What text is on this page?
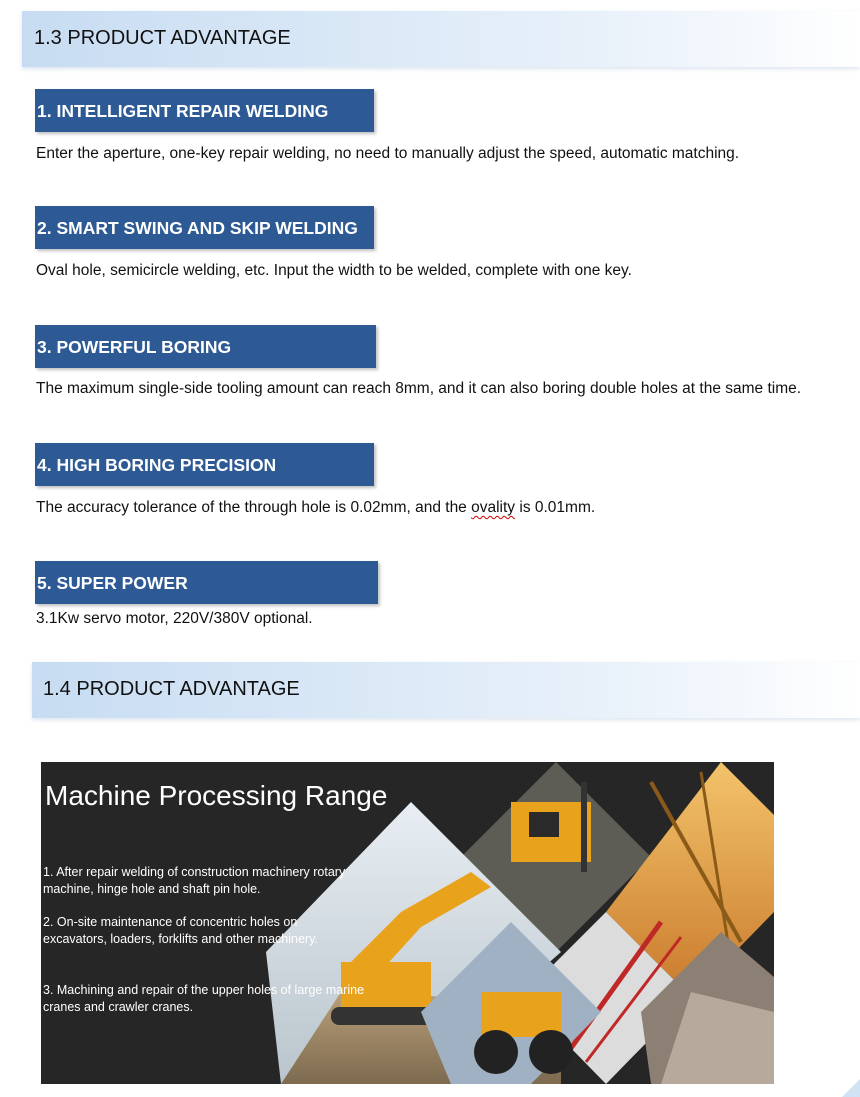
1.3 PRODUCT ADVANTAGE
1. INTELLIGENT REPAIR WELDING
Enter the aperture, one-key repair welding, no need to manually adjust the speed, automatic matching.
2. SMART SWING AND SKIP WELDING
Oval hole, semicircle welding, etc. Input the width to be welded, complete with one key.
3. POWERFUL BORING
The maximum single-side tooling amount can reach 8mm, and it can also boring double holes at the same time.
4. HIGH BORING PRECISION
The accuracy tolerance of the through hole is 0.02mm, and the ovality is 0.01mm.
5. SUPER POWER
3.1Kw servo motor, 220V/380V optional.
1.4 PRODUCT ADVANTAGE
Machine Processing Range
1. After repair welding of construction machinery rotary machine, hinge hole and shaft pin hole.
2. On-site maintenance of concentric holes on excavators, loaders, forklifts and other machinery.
3. Machining and repair of the upper holes of large marine cranes and crawler cranes.
